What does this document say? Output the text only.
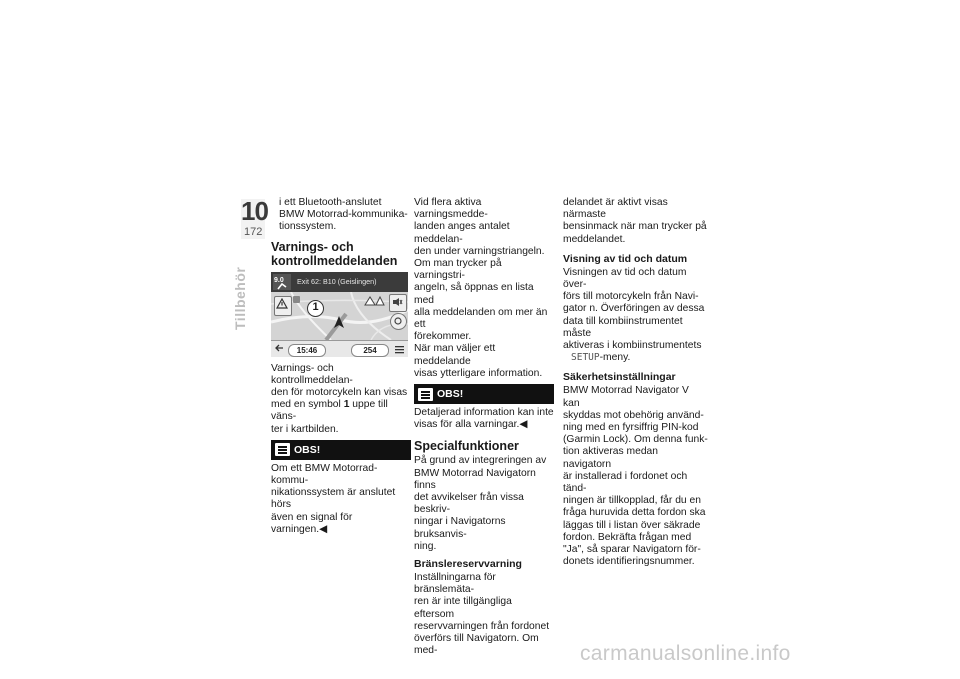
10
172
Tillbehör

i ett Bluetooth-anslutet
BMW Motorrad-kommunika-
tionssystem.

Varnings- och
kontrollmeddelanden
9.0 Exit 62: B10 (Geislingen)
1
15:46	254

Varnings- och kontrollmeddelan-
den för motorcykeln kan visas
med en symbol 1 uppe till väns-
ter i kartbilden.

OBS!

Om ett BMW Motorrad-kommu-
nikationssystem är anslutet hörs
även en signal för varningen.◀

Vid flera aktiva varningsmedde-
landen anges antalet meddelan-
den under varningstriangeln.
Om man trycker på varningstri-
angeln, så öppnas en lista med
alla meddelanden om mer än ett
förekommer.
När man väljer ett meddelande
visas ytterligare information.

OBS!

Detaljerad information kan inte
visas för alla varningar.◀

Specialfunktioner

På grund av integreringen av
BMW Motorrad Navigatorn finns
det avvikelser från vissa beskriv-
ningar i Navigatorns bruksanvis-
ning.

Bränslereservvarning

Inställningarna för bränslemäta-
ren är inte tillgängliga eftersom
reservvarningen från fordonet
överförs till Navigatorn. Om med-

delandet är aktivt visas närmaste
bensinmack när man trycker på
meddelandet.

Visning av tid och datum

Visningen av tid och datum över-
förs till motorcykeln från Navi-
gator n. Överföringen av dessa
data till kombiinstrumentet måste
aktiveras i kombiinstrumentets
SETUP-meny.

Säkerhetsinställningar

BMW Motorrad Navigator V kan
skyddas mot obehörig använd-
ning med en fyrsiffrig PIN-kod
(Garmin Lock). Om denna funk-
tion aktiveras medan navigatorn
är installerad i fordonet och tänd-
ningen är tillkopplad, får du en
fråga huruvida detta fordon ska
läggas till i listan över säkrade
fordon. Bekräfta frågan med
"Ja", så sparar Navigatorn för-
donets identifieringsnummer.

carmanualsonline.info
